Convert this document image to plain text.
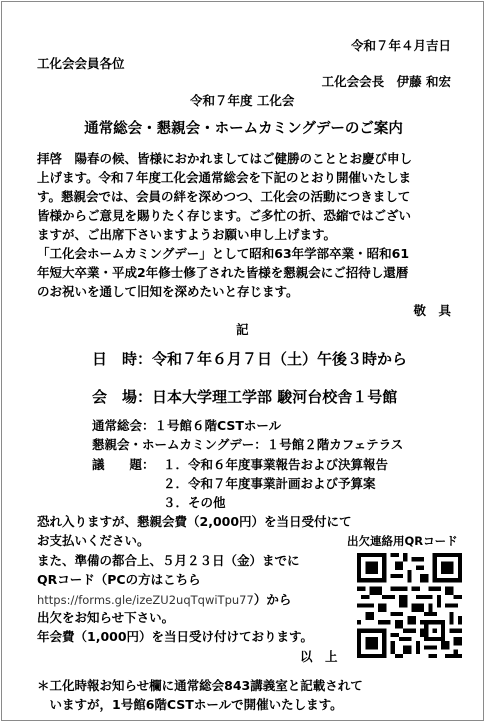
令和７年４月吉日
工化会会員各位
工化会会長　伊藤 和宏
令和７年度 工化会
通常総会・懇親会・ホームカミングデーのご案内
拝啓　陽春の候、皆様におかれましてはご健勝のこととお慶び申し
上げます。令和７年度工化会通常総会を下記のとおり開催いたしま
す。懇親会では、会員の絆を深めつつ、工化会の活動につきまして
皆様からご意見を賜りたく存じます。ご多忙の折、恐縮ではござい
ますが、ご出席下さいますようお願い申し上げます。
「工化会ホームカミングデー」として昭和63年学部卒業・昭和61
年短大卒業・平成2年修士修了された皆様を懇親会にご招待し還暦
のお祝いを通して旧知を深めたいと存じます。
敬　具
記
日　時：令和７年６月７日（土）午後３時から
会　場：日本大学理工学部 駿河台校舎１号館
通常総会：１号館６階CSTホール
懇親会・ホームカミングデー：１号館２階カフェテラス
議　　題： １．令和６年度事業報告および決算報告
２．令和７年度事業計画および予算案
３．その他
恐れ入りますが、懇親会費（2,000円）を当日受付にて
お支払いください。
また、準備の都合上、５月２３日（金）までに
QRコード（PCの方はこちら
https://forms.gle/izeZU2uqTqwiTpu77）から
出欠をお知らせ下さい。
年会費（1,000円）を当日受け付けております。
以　上
出欠連絡用QRコード
＊工化時報お知らせ欄に通常総会843講義室と記載されて
　いますが，1号館6階CSTホールで開催いたします。
